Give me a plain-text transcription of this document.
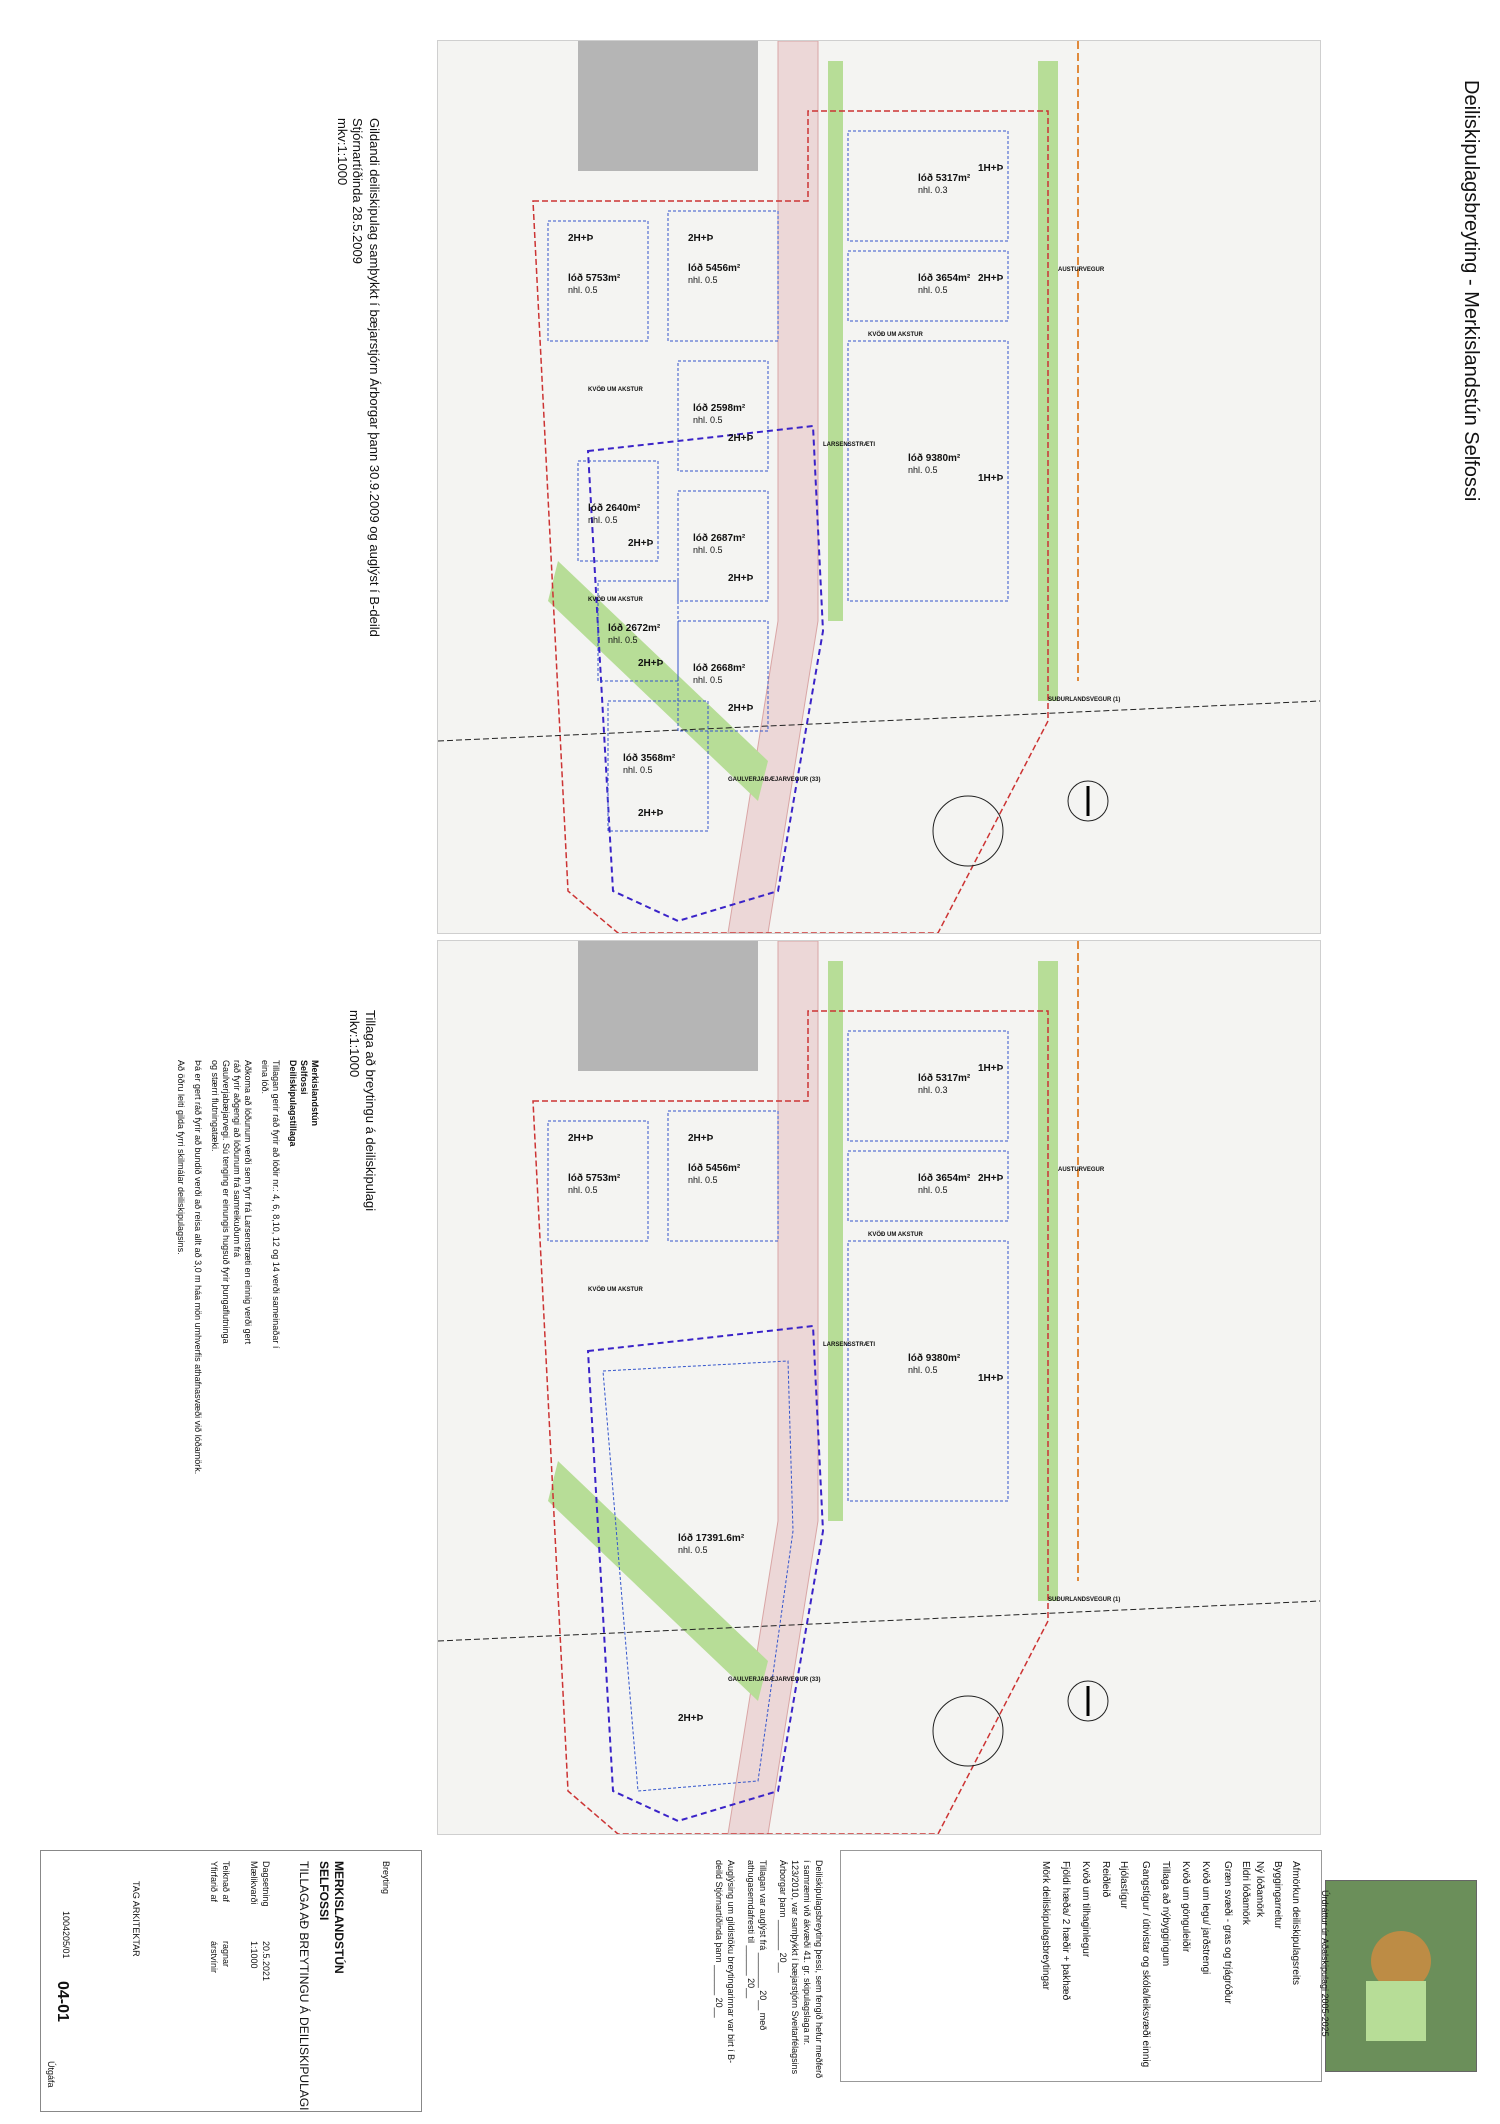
Deiliskipulagsbreyting - Merkislandstún Selfossi
Gildandi deiliskipulag samþykkt í bæjarstjórn Árborgar þann 30.9.2009 og auglýst í B-deild
Stjórnartíðinda 28.5.2009
mkv:1:1000
Tillaga að breytingu á deiliskipulagi
mkv:1:1000
Merkislandstún
Selfossi
Deiliskipulagstillaga
Tillagan gerir ráð fyrir að lóðir nr.: 4, 6, 8,10, 12 og 14 verði sameinaðar í
eina lóð.
Aðkoma að lóðunum verði sem fyrr frá Larsenstræti en einnig verði gert
ráð fyrir aðgengi að lóðunum frá samreikuðum frá
Gaulverjabæjarvegi. Sú tenging er einungis hugsuð fyrir þungaflutninga
og stærri flutningatæki.
Þá er gert ráð fyrir að bundið verði að reisa allt að 3,0 m háa mön umhverfis athafnasvæði við lóðamörk.
Að öðru leiti gilda fyrri skilmálar deiliskipulagsins.
lóð 5317m²
nhl. 0.3
1H+Þ
lóð 3654m²
nhl. 0.5
2H+Þ
lóð 9380m²
nhl. 0.5
1H+Þ
lóð 5456m²
nhl. 0.5
2H+Þ
lóð 5753m²
nhl. 0.5
2H+Þ
lóð 2598m²
nhl. 0.5
2H+Þ
lóð 2640m²
nhl. 0.5
2H+Þ	lóð 2687m²
nhl. 0.5
2H+Þ
lóð 2672m²
nhl. 0.5
2H+Þ	lóð 2668m²
nhl. 0.5
2H+Þ
lóð 3568m²
nhl. 0.5
2H+Þ
LARSENSSTRÆTI
KVÖÐ UM AKSTUR
KVÖÐ UM AKSTUR
AUSTURVEGUR
SUÐURLANDSVEGUR (1)
GAULVERJABÆJARVEGUR (33)
KVÖÐ UM AKSTUR
lóð 5317m²
nhl. 0.3
1H+Þ
lóð 3654m²
nhl. 0.5
2H+Þ
lóð 9380m²
nhl. 0.5
1H+Þ
lóð 5456m²
nhl. 0.5
2H+Þ
lóð 5753m²
nhl. 0.5
2H+Þ
lóð 17391.6m²
nhl. 0.5
2H+Þ
LARSENSSTRÆTI
KVÖÐ UM AKSTUR
KVÖÐ UM AKSTUR
AUSTURVEGUR
SUÐURLANDSVEGUR (1)
GAULVERJABÆJARVEGUR (33)
Afmörkun deiliskipulagsreits
Byggingarreitur
Ný lóðamörk
Eldri lóðamörk
Græn svæði - gras og trjágróður
Kvöð um legu/ jarðstrengi
Kvöð um gönguleiðir
Tillaga að nýbyggingum
Gangstígur / útivistar og skóla/leiksvæði einnig
Hjólastígur
Reiðleið
Kvöð um tilhaginlegur
Fjöldi hæða/ 2 hæðir + þakhæð
Mörk deiliskipulagsbreytingar
Deiliskipulagsbreyting þessi, sem fengið hefur meðferð í samræmi við ákvæði 41. gr. skipulagslaga nr. 123/2010, var samþykkt í bæjarstjórn Sveitarfélagsins Árborgar þann ______ 20__
Tillagan var auglýst frá _______ 20__ með athugasemdafresti til ______ 20__
Auglýsing um gildistöku breytingarinnar var birt í B-deild Stjórnartíðinda þann ______ 20__
MERKISLANDSTÚN
SELFOSSI
TILLAGA AÐ BREYTINGU Á DEILISKIPULAGI
Dagsetning
20.5.2021
Mælikvarði
1:1000
Teiknað af
ragnar
Yfirfarið af
árstvínir
04-01
1004205/01	TAG ARKITEKTAR
Breyting
Útgáfa
Úrdráttur úr Aðalskipulagi 2005-2025
